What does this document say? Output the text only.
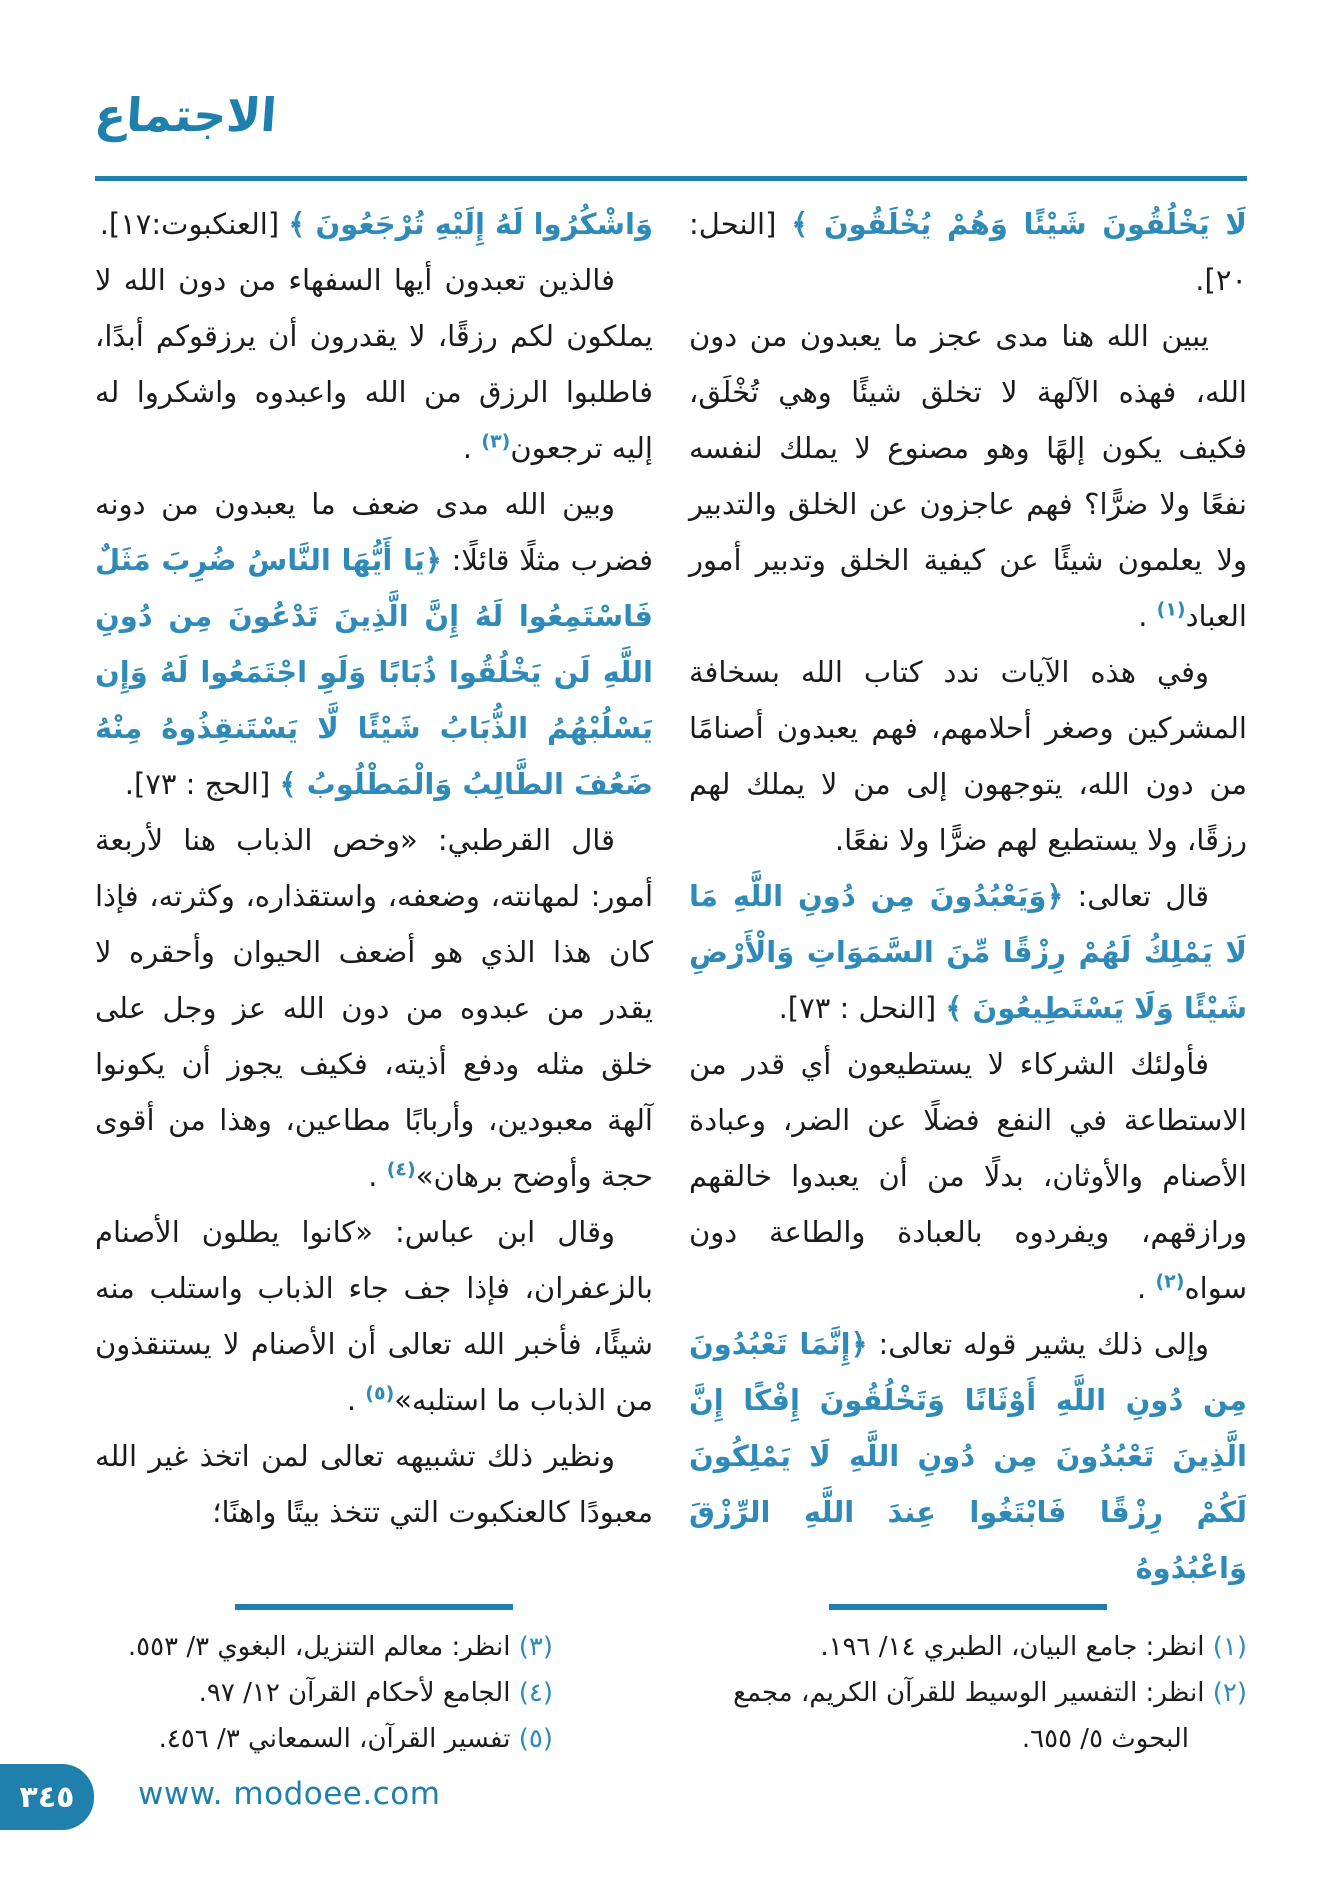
الاجتماع

لَا يَخْلُقُونَ شَيْئًا وَهُمْ يُخْلَقُونَ ﴾ [النحل: ٢٠].

يبين الله هنا مدى عجز ما يعبدون من دون الله، فهذه الآلهة لا تخلق شيئًا وهي تُخْلَق، فكيف يكون إلهًا وهو مصنوع لا يملك لنفسه نفعًا ولا ضرًّا؟ فهم عاجزون عن الخلق والتدبير ولا يعلمون شيئًا عن كيفية الخلق وتدبير أمور العباد$^{(١)}$ .

وفي هذه الآيات ندد كتاب الله بسخافة المشركين وصغر أحلامهم، فهم يعبدون أصنامًا من دون الله، يتوجهون إلى من لا يملك لهم رزقًا، ولا يستطيع لهم ضرًّا ولا نفعًا.

قال تعالى: ﴿وَيَعْبُدُونَ مِن دُونِ اللَّهِ مَا لَا يَمْلِكُ لَهُمْ رِزْقًا مِّنَ السَّمَوَاتِ وَالْأَرْضِ شَيْئًا وَلَا يَسْتَطِيعُونَ ﴾ [النحل : ٧٣].

فأولئك الشركاء لا يستطيعون أي قدر من الاستطاعة في النفع فضلًا عن الضر، وعبادة الأصنام والأوثان، بدلًا من أن يعبدوا خالقهم ورازقهم، ويفردوه بالعبادة والطاعة دون سواه$^{(٢)}$ .

وإلى ذلك يشير قوله تعالى: ﴿إِنَّمَا تَعْبُدُونَ مِن دُونِ اللَّهِ أَوْثَانًا وَتَخْلُقُونَ إِفْكًا إِنَّ الَّذِينَ تَعْبُدُونَ مِن دُونِ اللَّهِ لَا يَمْلِكُونَ لَكُمْ رِزْقًا فَابْتَغُوا عِندَ اللَّهِ الرِّزْقَ وَاعْبُدُوهُ

(١) انظر: جامع البيان، الطبري ١٤/ ١٩٦.
(٢) انظر: التفسير الوسيط للقرآن الكريم، مجمع البحوث ٥/ ٦٥٥.

وَاشْكُرُوا لَهُ إِلَيْهِ تُرْجَعُونَ ﴾ [العنكبوت:١٧].

فالذين تعبدون أيها السفهاء من دون الله لا يملكون لكم رزقًا، لا يقدرون أن يرزقوكم أبدًا، فاطلبوا الرزق من الله واعبدوه واشكروا له إليه ترجعون$^{(٣)}$ .

وبين الله مدى ضعف ما يعبدون من دونه فضرب مثلًا قائلًا: ﴿يَا أَيُّهَا النَّاسُ ضُرِبَ مَثَلٌ فَاسْتَمِعُوا لَهُ إِنَّ الَّذِينَ تَدْعُونَ مِن دُونِ اللَّهِ لَن يَخْلُقُوا ذُبَابًا وَلَوِ اجْتَمَعُوا لَهُ وَإِن يَسْلُبْهُمُ الذُّبَابُ شَيْئًا لَّا يَسْتَنقِذُوهُ مِنْهُ ضَعُفَ الطَّالِبُ وَالْمَطْلُوبُ ﴾ [الحج : ٧٣].

قال القرطبي: «وخص الذباب هنا لأربعة أمور: لمهانته، وضعفه، واستقذاره، وكثرته، فإذا كان هذا الذي هو أضعف الحيوان وأحقره لا يقدر من عبدوه من دون الله عز وجل على خلق مثله ودفع أذيته، فكيف يجوز أن يكونوا آلهة معبودين، وأربابًا مطاعين، وهذا من أقوى حجة وأوضح برهان»$^{(٤)}$ .

وقال ابن عباس: «كانوا يطلون الأصنام بالزعفران، فإذا جف جاء الذباب واستلب منه شيئًا، فأخبر الله تعالى أن الأصنام لا يستنقذون من الذباب ما استلبه»$^{(٥)}$ .

ونظير ذلك تشبيهه تعالى لمن اتخذ غير الله معبودًا كالعنكبوت التي تتخذ بيتًا واهنًا؛

(٣) انظر: معالم التنزيل، البغوي ٣/ ٥٥٣.
(٤) الجامع لأحكام القرآن ١٢/ ٩٧.
(٥) تفسير القرآن، السمعاني ٣/ ٤٥٦.
٣٤٥ www. modoee.com
